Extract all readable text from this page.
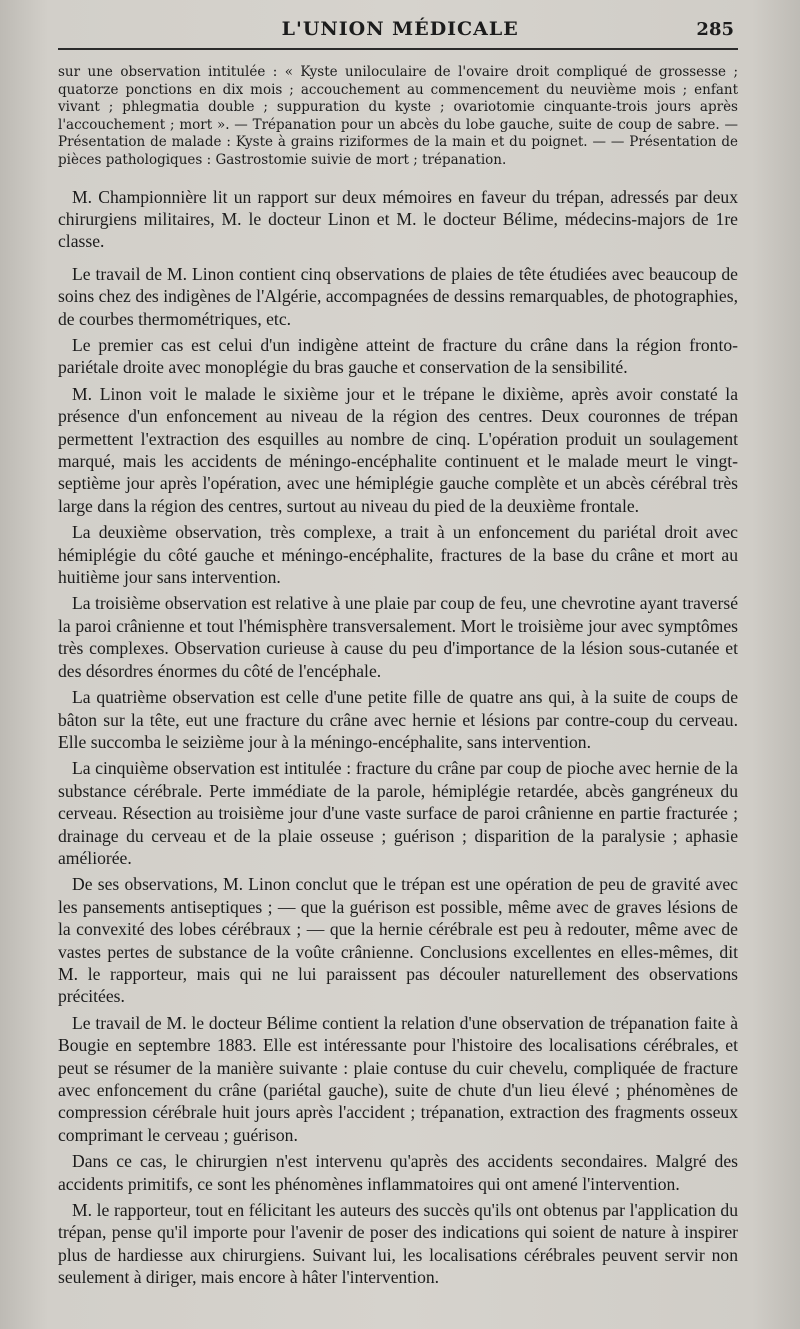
L'UNION MÉDICALE	285

sur une observation intitulée : « Kyste uniloculaire de l'ovaire droit compliqué de grossesse ; quatorze ponctions en dix mois ; accouchement au commencement du neuvième mois ; enfant vivant ; phlegmatia double ; suppuration du kyste ; ovariotomie cinquante-trois jours après l'accouchement ; mort ». — Trépanation pour un abcès du lobe gauche, suite de coup de sabre. — Présentation de malade : Kyste à grains riziformes de la main et du poignet. — — Présentation de pièces pathologiques : Gastrostomie suivie de mort ; trépanation.

M. Championnière lit un rapport sur deux mémoires en faveur du trépan, adressés par deux chirurgiens militaires, M. le docteur Linon et M. le docteur Bélime, médecins-majors de 1re classe.

Le travail de M. Linon contient cinq observations de plaies de tête étudiées avec beaucoup de soins chez des indigènes de l'Algérie, accompagnées de dessins remarquables, de photographies, de courbes thermométriques, etc.

Le premier cas est celui d'un indigène atteint de fracture du crâne dans la région fronto-pariétale droite avec monoplégie du bras gauche et conservation de la sensibilité.

M. Linon voit le malade le sixième jour et le trépane le dixième, après avoir constaté la présence d'un enfoncement au niveau de la région des centres. Deux couronnes de trépan permettent l'extraction des esquilles au nombre de cinq. L'opération produit un soulagement marqué, mais les accidents de méningo-encéphalite continuent et le malade meurt le vingt-septième jour après l'opération, avec une hémiplégie gauche complète et un abcès cérébral très large dans la région des centres, surtout au niveau du pied de la deuxième frontale.

La deuxième observation, très complexe, a trait à un enfoncement du pariétal droit avec hémiplégie du côté gauche et méningo-encéphalite, fractures de la base du crâne et mort au huitième jour sans intervention.

La troisième observation est relative à une plaie par coup de feu, une chevrotine ayant traversé la paroi crânienne et tout l'hémisphère transversalement. Mort le troisième jour avec symptômes très complexes. Observation curieuse à cause du peu d'importance de la lésion sous-cutanée et des désordres énormes du côté de l'encéphale.

La quatrième observation est celle d'une petite fille de quatre ans qui, à la suite de coups de bâton sur la tête, eut une fracture du crâne avec hernie et lésions par contre-coup du cerveau. Elle succomba le seizième jour à la méningo-encéphalite, sans intervention.

La cinquième observation est intitulée : fracture du crâne par coup de pioche avec hernie de la substance cérébrale. Perte immédiate de la parole, hémiplégie retardée, abcès gangréneux du cerveau. Résection au troisième jour d'une vaste surface de paroi crânienne en partie fracturée ; drainage du cerveau et de la plaie osseuse ; guérison ; disparition de la paralysie ; aphasie améliorée.

De ses observations, M. Linon conclut que le trépan est une opération de peu de gravité avec les pansements antiseptiques ; — que la guérison est possible, même avec de graves lésions de la convexité des lobes cérébraux ; — que la hernie cérébrale est peu à redouter, même avec de vastes pertes de substance de la voûte crânienne. Conclusions excellentes en elles-mêmes, dit M. le rapporteur, mais qui ne lui paraissent pas découler naturellement des observations précitées.

Le travail de M. le docteur Bélime contient la relation d'une observation de trépanation faite à Bougie en septembre 1883. Elle est intéressante pour l'histoire des localisations cérébrales, et peut se résumer de la manière suivante : plaie contuse du cuir chevelu, compliquée de fracture avec enfoncement du crâne (pariétal gauche), suite de chute d'un lieu élevé ; phénomènes de compression cérébrale huit jours après l'accident ; trépanation, extraction des fragments osseux comprimant le cerveau ; guérison.

Dans ce cas, le chirurgien n'est intervenu qu'après des accidents secondaires. Malgré des accidents primitifs, ce sont les phénomènes inflammatoires qui ont amené l'intervention.

M. le rapporteur, tout en félicitant les auteurs des succès qu'ils ont obtenus par l'application du trépan, pense qu'il importe pour l'avenir de poser des indications qui soient de nature à inspirer plus de hardiesse aux chirurgiens. Suivant lui, les localisations cérébrales peuvent servir non seulement à diriger, mais encore à hâter l'intervention.
